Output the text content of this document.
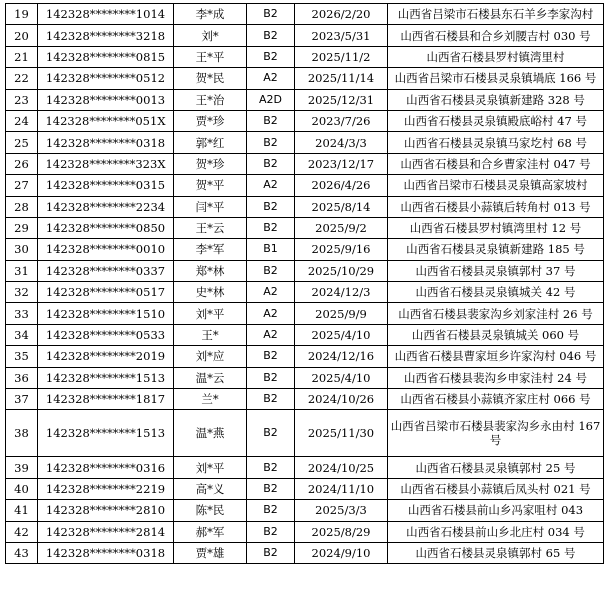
19	142328********1014	李*成	B2	2026/2/20	山西省吕梁市石楼县东石羊乡李家沟村
20	142328********3218	刘*	B2	2023/5/31	山西省石楼县和合乡刘腰吉村 030 号
21	142328********0815	王*平	B2	2025/11/2	山西省石楼县罗村镇湾里村
22	142328********0512	贺*民	A2	2025/11/14	山西省吕梁市石楼县灵泉镇堝底 166 号
23	142328********0013	王*治	A2D	2025/12/31	山西省石楼县灵泉镇新建路 328 号
24	142328********051X	贾*珍	B2	2023/7/26	山西省石楼县灵泉镇殿底峪村 47 号
25	142328********0318	郭*红	B2	2024/3/3	山西省石楼县灵泉镇马家圪村 68 号
26	142328********323X	贺*珍	B2	2023/12/17	山西省石楼县和合乡曹家洼村 047 号
27	142328********0315	贺*平	A2	2026/4/26	山西省吕梁市石楼县灵泉镇高家坡村
28	142328********2234	闫*平	B2	2025/8/14	山西省石楼县小蒜镇后转角村 013 号
29	142328********0850	王*云	B2	2025/9/2	山西省石楼县罗村镇湾里村 12 号
30	142328********0010	李*军	B1	2025/9/16	山西省石楼县灵泉镇新建路 185 号
31	142328********0337	郑*林	B2	2025/10/29	山西省石楼县灵泉镇郭村 37 号
32	142328********0517	史*林	A2	2024/12/3	山西省石楼县灵泉镇城关 42 号
33	142328********1510	刘*平	A2	2025/9/9	山西省石楼县裴家沟乡刘家洼村 26 号
34	142328********0533	王*	A2	2025/4/10	山西省石楼县灵泉镇城关 060 号
35	142328********2019	刘*应	B2	2024/12/16	山西省石楼县曹家垣乡许家沟村 046 号
36	142328********1513	温*云	B2	2025/4/10	山西省石楼县裴沟乡申家洼村 24 号
37	142328********1817	兰*	B2	2024/10/26	山西省石楼县小蒜镇齐家庄村 066 号
38	142328********1513	温*燕	B2	2025/11/30	山西省吕梁市石楼县裴家沟乡永由村 167 号
39	142328********0316	刘*平	B2	2024/10/25	山西省石楼县灵泉镇郭村 25 号
40	142328********2219	高*义	B2	2024/11/10	山西省石楼县小蒜镇后凤头村 021 号
41	142328********2810	陈*民	B2	2025/3/3	山西省石楼县前山乡冯家咀村 043
42	142328********2814	郝*军	B2	2025/8/29	山西省石楼县前山乡北庄村 034 号
43	142328********0318	贾*雄	B2	2024/9/10	山西省石楼县灵泉镇郭村 65 号
